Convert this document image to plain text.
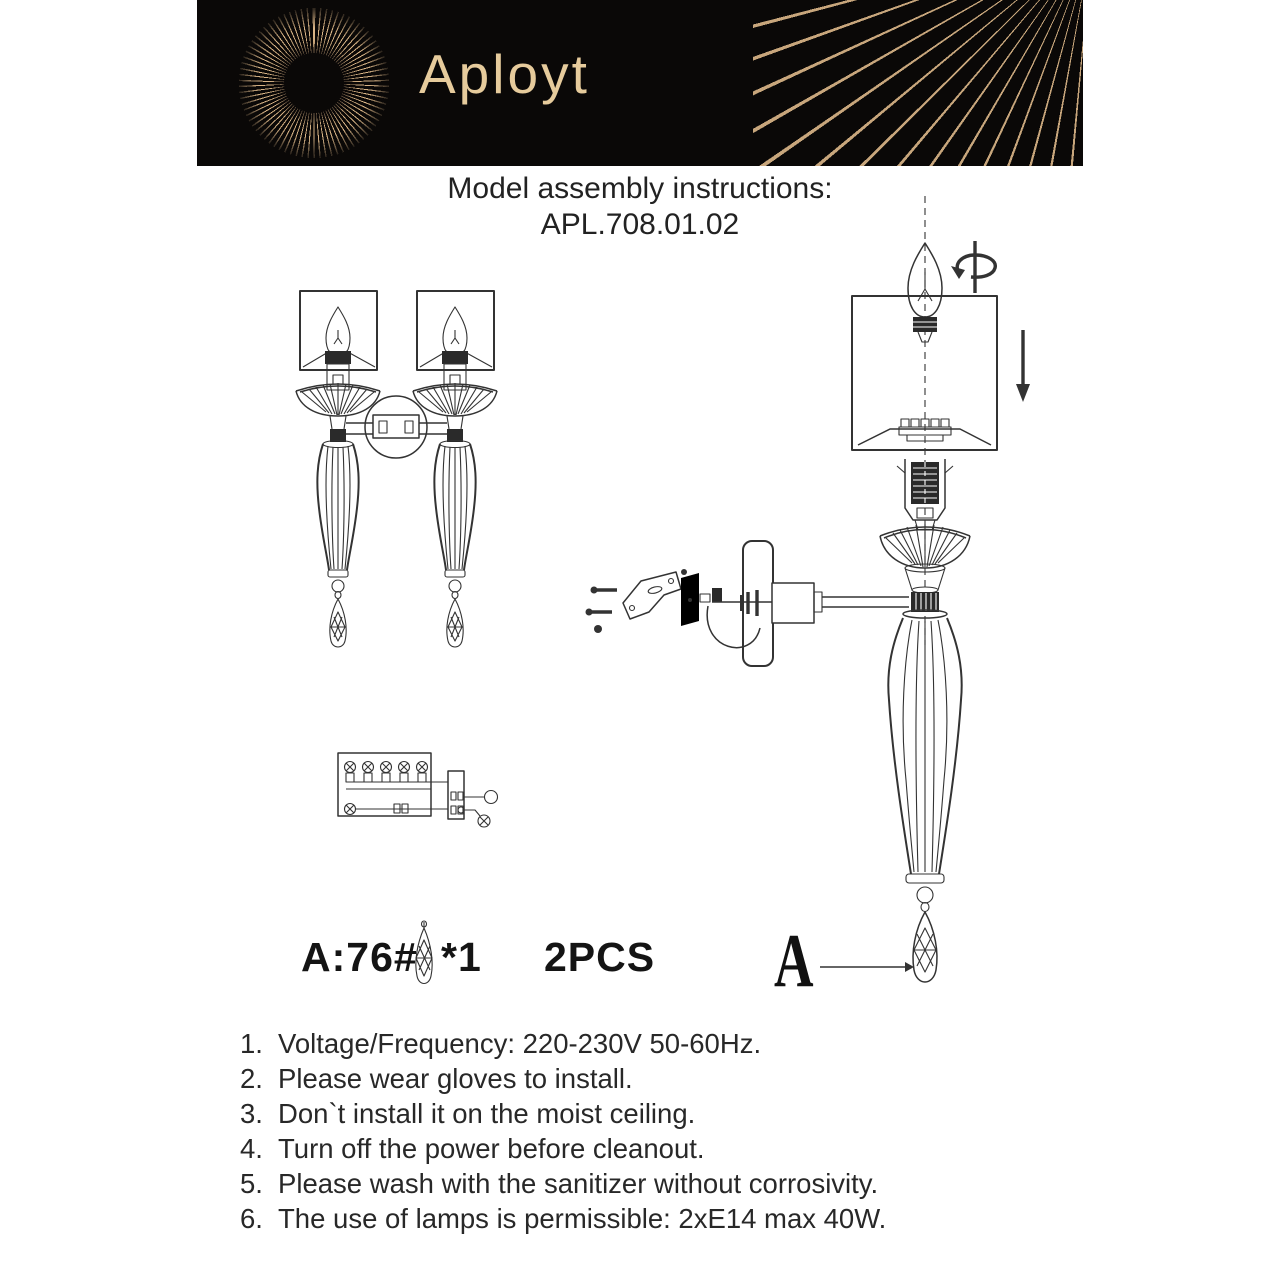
Aployt
Model assembly instructions:
APL.708.01.02
A:76# *1 2PCS A
1. Voltage/Frequency: 220-230V 50-60Hz.
2. Please wear gloves to install.
3. Don`t install it on the moist ceiling.
4. Turn off the power before cleanout.
5. Please wash with the sanitizer without corrosivity.
6. The use of lamps is permissible: 2xE14 max 40W.
